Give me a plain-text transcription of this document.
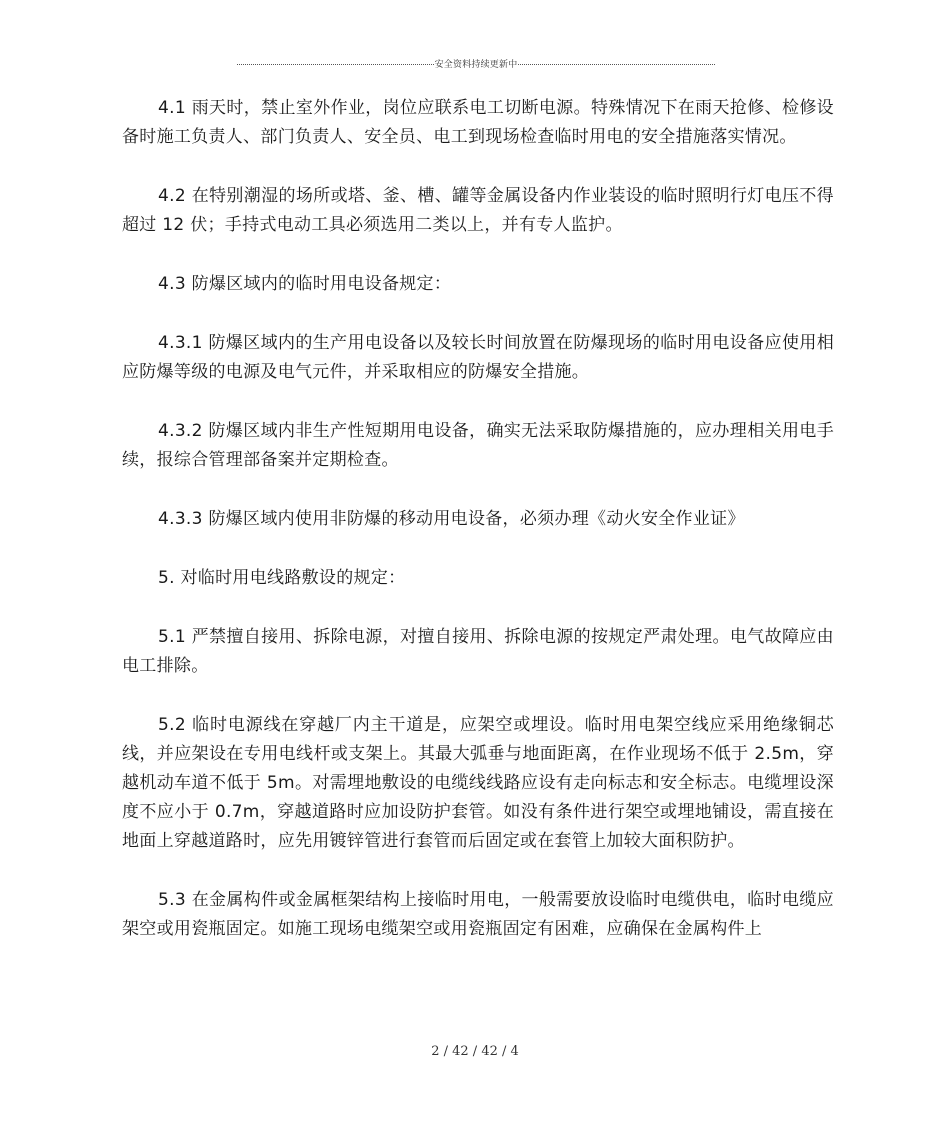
安全资料持续更新中

4.1 雨天时，禁止室外作业，岗位应联系电工切断电源。特殊情况下在雨天抢修、检修设备时施工负责人、部门负责人、安全员、电工到现场检查临时用电的安全措施落实情况。

4.2 在特别潮湿的场所或塔、釜、槽、罐等金属设备内作业装设的临时照明行灯电压不得超过 12 伏；手持式电动工具必须选用二类以上，并有专人监护。

4.3 防爆区域内的临时用电设备规定：

4.3.1 防爆区域内的生产用电设备以及较长时间放置在防爆现场的临时用电设备应使用相应防爆等级的电源及电气元件，并采取相应的防爆安全措施。

4.3.2 防爆区域内非生产性短期用电设备，确实无法采取防爆措施的，应办理相关用电手续，报综合管理部备案并定期检查。

4.3.3 防爆区域内使用非防爆的移动用电设备，必须办理《动火安全作业证》

5. 对临时用电线路敷设的规定：

5.1 严禁擅自接用、拆除电源，对擅自接用、拆除电源的按规定严肃处理。电气故障应由电工排除。

5.2 临时电源线在穿越厂内主干道是，应架空或埋设。临时用电架空线应采用绝缘铜芯线，并应架设在专用电线杆或支架上。其最大弧垂与地面距离，在作业现场不低于 2.5m，穿越机动车道不低于 5m。对需埋地敷设的电缆线线路应设有走向标志和安全标志。电缆埋设深度不应小于 0.7m，穿越道路时应加设防护套管。如没有条件进行架空或埋地铺设，需直接在地面上穿越道路时，应先用镀锌管进行套管而后固定或在套管上加较大面积防护。

5.3 在金属构件或金属框架结构上接临时用电，一般需要放设临时电缆供电，临时电缆应架空或用瓷瓶固定。如施工现场电缆架空或用瓷瓶固定有困难，应确保在金属构件上

2 / 42 / 42 / 4
